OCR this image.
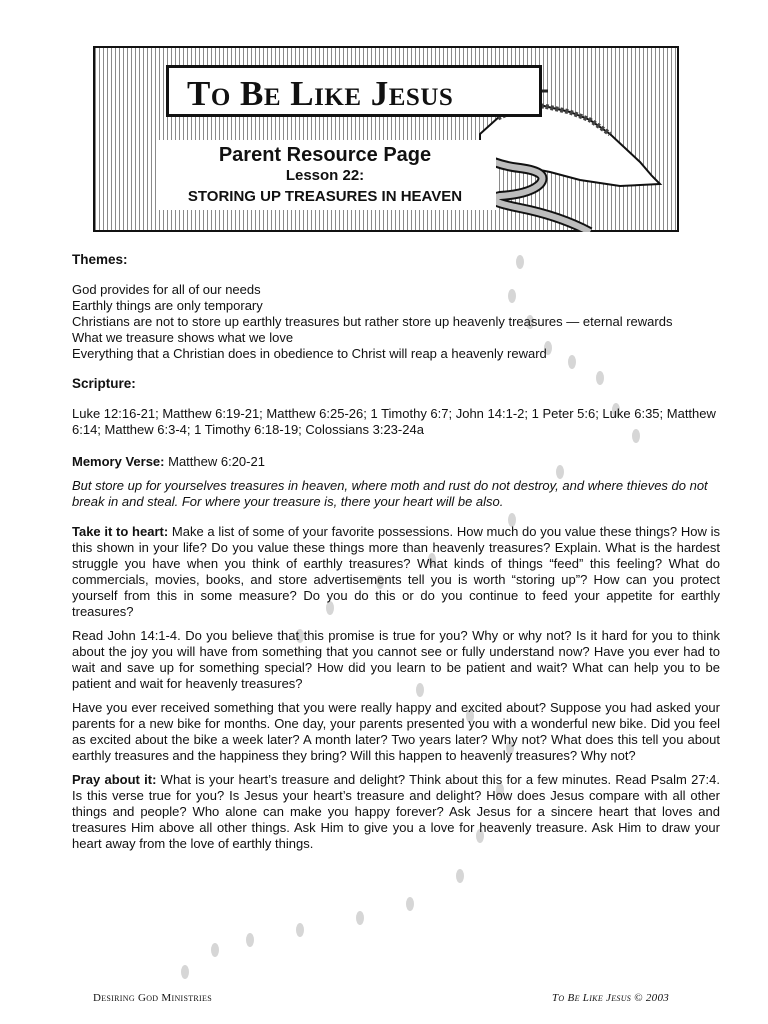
To Be Like Jesus
Parent Resource Page
Lesson 22:
STORING UP TREASURES IN HEAVEN

Themes:

God provides for all of our needs

Earthly things are only temporary

Christians are not to store up earthly treasures but rather store up heavenly treasures — eternal rewards

What we treasure shows what we love

Everything that a Christian does in obedience to Christ will reap a heavenly reward

Scripture:

Luke 12:16-21; Matthew 6:19-21; Matthew 6:25-26; 1 Timothy 6:7; John 14:1-2; 1 Peter 5:6; Luke 6:35; Matthew 6:14; Matthew 6:3-4; 1 Timothy 6:18-19; Colossians 3:23-24a

Memory Verse: Matthew 6:20-21

But store up for yourselves treasures in heaven, where moth and rust do not destroy, and where thieves do not break in and steal. For where your treasure is, there your heart will be also.

Take it to heart: Make a list of some of your favorite possessions. How much do you value these things? How is this shown in your life? Do you value these things more than heavenly treasures? Explain. What is the hardest struggle you have when you think of earthly treasures? What kinds of things “feed” this feeling? What do commercials, movies, books, and store advertisements tell you is worth “storing up”? How can you protect yourself from this in some measure? Do you do this or do you continue to feed your appetite for earthly treasures?

Read John 14:1-4. Do you believe that this promise is true for you? Why or why not? Is it hard for you to think about the joy you will have from something that you cannot see or fully understand now? Have you ever had to wait and save up for something special? How did you learn to be patient and wait? What can help you to be patient and wait for heavenly treasures?

Have you ever received something that you were really happy and excited about? Suppose you had asked your parents for a new bike for months. One day, your parents presented you with a wonderful new bike. Did you feel as excited about the bike a week later? A month later? Two years later? Why not? What does this tell you about earthly treasures and the happiness they bring? Will this happen to heavenly treasures? Why not?

Pray about it: What is your heart’s treasure and delight? Think about this for a few minutes. Read Psalm 27:4. Is this verse true for you? Is Jesus your heart’s treasure and delight? How does Jesus compare with all other things and people? Who alone can make you happy forever? Ask Jesus for a sincere heart that loves and treasures Him above all other things. Ask Him to give you a love for heavenly treasure. Ask Him to draw your heart away from the love of earthly things.

Desiring God Ministries	To Be Like Jesus © 2003
